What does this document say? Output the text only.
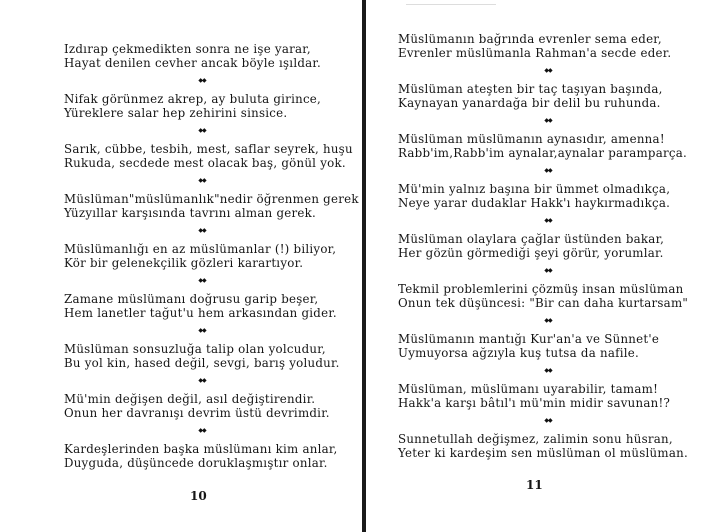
Izdırap çekmedikten sonra ne işe yarar,
Hayat denilen cevher ancak böyle ışıldar.
◆◆
Nifak görünmez akrep, ay buluta girince,
Yüreklere salar hep zehirini sinsice.
◆◆
Sarık, cübbe, tesbih, mest, saflar seyrek, huşu
Rukuda, secdede mest olacak baş, gönül yok.
◆◆
Müslüman"müslümanlık"nedir öğrenmen gerek
Yüzyıllar karşısında tavrını alman gerek.
◆◆
Müslümanlığı en az müslümanlar (!) biliyor,
Kör bir gelenekçilik gözleri karartıyor.
◆◆
Zamane müslümanı doğrusu garip beşer,
Hem lanetler tağut'u hem arkasından gider.
◆◆
Müslüman sonsuzluğa talip olan yolcudur,
Bu yol kin, hased değil, sevgi, barış yoludur.
◆◆
Mü'min değişen değil, asıl değiştirendir.
Onun her davranışı devrim üstü devrimdir.
◆◆
Kardeşlerinden başka müslümanı kim anlar,
Duyguda, düşüncede doruklaşmıştır onlar.
10
Müslümanın bağrında evrenler sema eder,
Evrenler müslümanla Rahman'a secde eder.
◆◆
Müslüman ateşten bir taç taşıyan başında,
Kaynayan yanardağa bir delil bu ruhunda.
◆◆
Müslüman müslümanın aynasıdır, amenna!
Rabb'im,Rabb'im aynalar,aynalar paramparça.
◆◆
Mü'min yalnız başına bir ümmet olmadıkça,
Neye yarar dudaklar Hakk'ı haykırmadıkça.
◆◆
Müslüman olaylara çağlar üstünden bakar,
Her gözün görmediği şeyi görür, yorumlar.
◆◆
Tekmil problemlerini çözmüş insan müslüman
Onun tek düşüncesi: "Bir can daha kurtarsam"
◆◆
Müslümanın mantığı Kur'an'a ve Sünnet'e
Uymuyorsa ağzıyla kuş tutsa da nafile.
◆◆
Müslüman, müslümanı uyarabilir, tamam!
Hakk'a karşı bâtıl'ı mü'min midir savunan!?
◆◆
Sunnetullah değişmez, zalimin sonu hüsran,
Yeter ki kardeşim sen müslüman ol müslüman.
11
